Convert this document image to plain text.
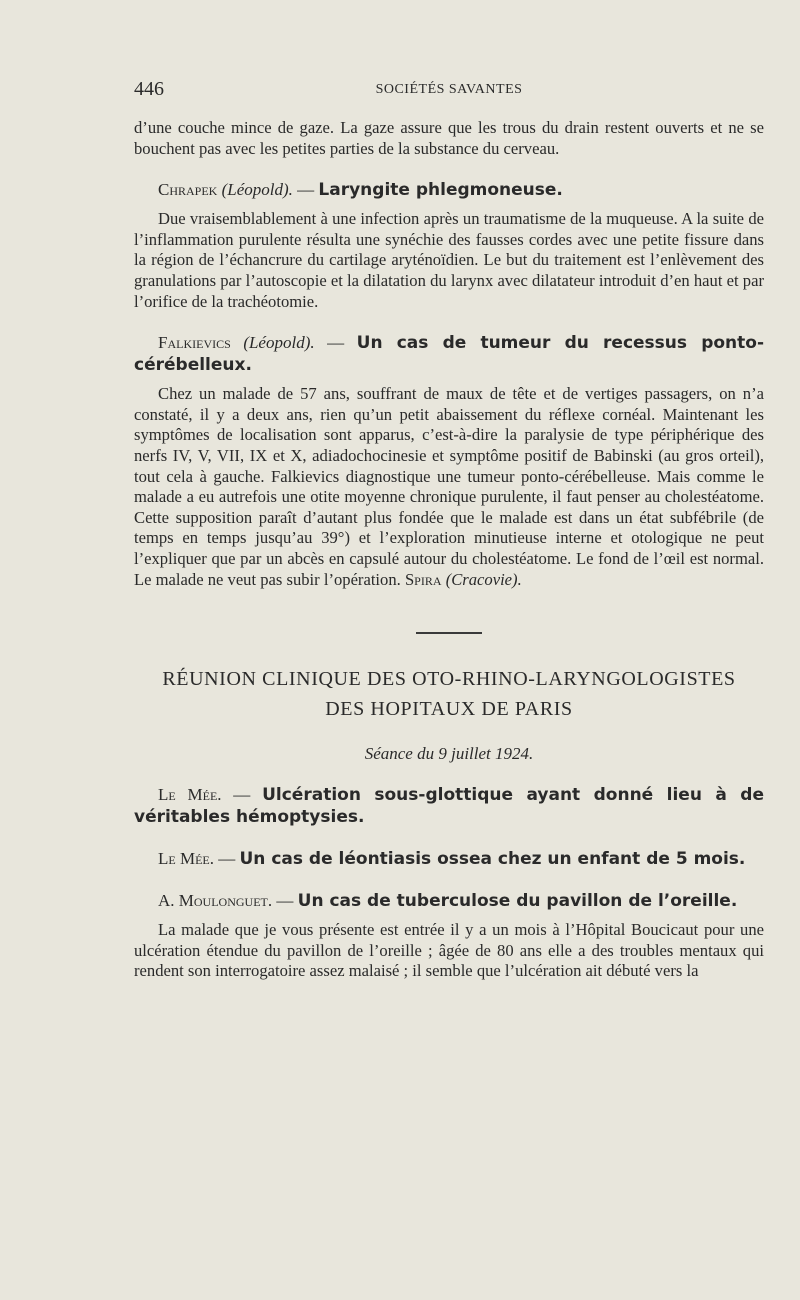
446	SOCIÉTÉS SAVANTES

d’une couche mince de gaze. La gaze assure que les trous du drain restent ouverts et ne se bouchent pas avec les petites parties de la substance du cerveau.

Chrapek (Léopold). — Laryngite phlegmoneuse.

Due vraisemblablement à une infection après un traumatisme de la muqueuse. A la suite de l’inflammation purulente résulta une synéchie des fausses cordes avec une petite fissure dans la région de l’échancrure du cartilage aryténoïdien. Le but du traitement est l’enlèvement des granulations par l’autoscopie et la dilatation du larynx avec dilatateur introduit d’en haut et par l’orifice de la trachéotomie.

Falkievics (Léopold). — Un cas de tumeur du recessus ponto-cérébelleux.

Chez un malade de 57 ans, souffrant de maux de tête et de vertiges passagers, on n’a constaté, il y a deux ans, rien qu’un petit abaissement du réflexe cornéal. Maintenant les symptômes de localisation sont apparus, c’est-à-dire la paralysie de type périphérique des nerfs IV, V, VII, IX et X, adiadochocinesie et symptôme positif de Babinski (au gros orteil), tout cela à gauche. Falkievics diagnostique une tumeur ponto-cérébelleuse. Mais comme le malade a eu autrefois une otite moyenne chronique purulente, il faut penser au cholestéatome. Cette supposition paraît d’autant plus fondée que le malade est dans un état subfébrile (de temps en temps jusqu’au 39°) et l’exploration minutieuse interne et otologique ne peut l’expliquer que par un abcès en capsulé autour du cholestéatome. Le fond de l’œil est normal. Le malade ne veut pas subir l’opération. Spira (Cracovie).

RÉUNION CLINIQUE DES OTO-RHINO-LARYNGOLOGISTES
DES HOPITAUX DE PARIS
Séance du 9 juillet 1924.
Le Mée. — Ulcération sous-glottique ayant donné lieu à de véritables hémoptysies.
Le Mée. — Un cas de léontiasis ossea chez un enfant de 5 mois.
A. Moulonguet. — Un cas de tuberculose du pavillon de l’oreille.

La malade que je vous présente est entrée il y a un mois à l’Hôpital Boucicaut pour une ulcération étendue du pavillon de l’oreille ; âgée de 80 ans elle a des troubles mentaux qui rendent son interrogatoire assez malaisé ; il semble que l’ulcération ait débuté vers la
